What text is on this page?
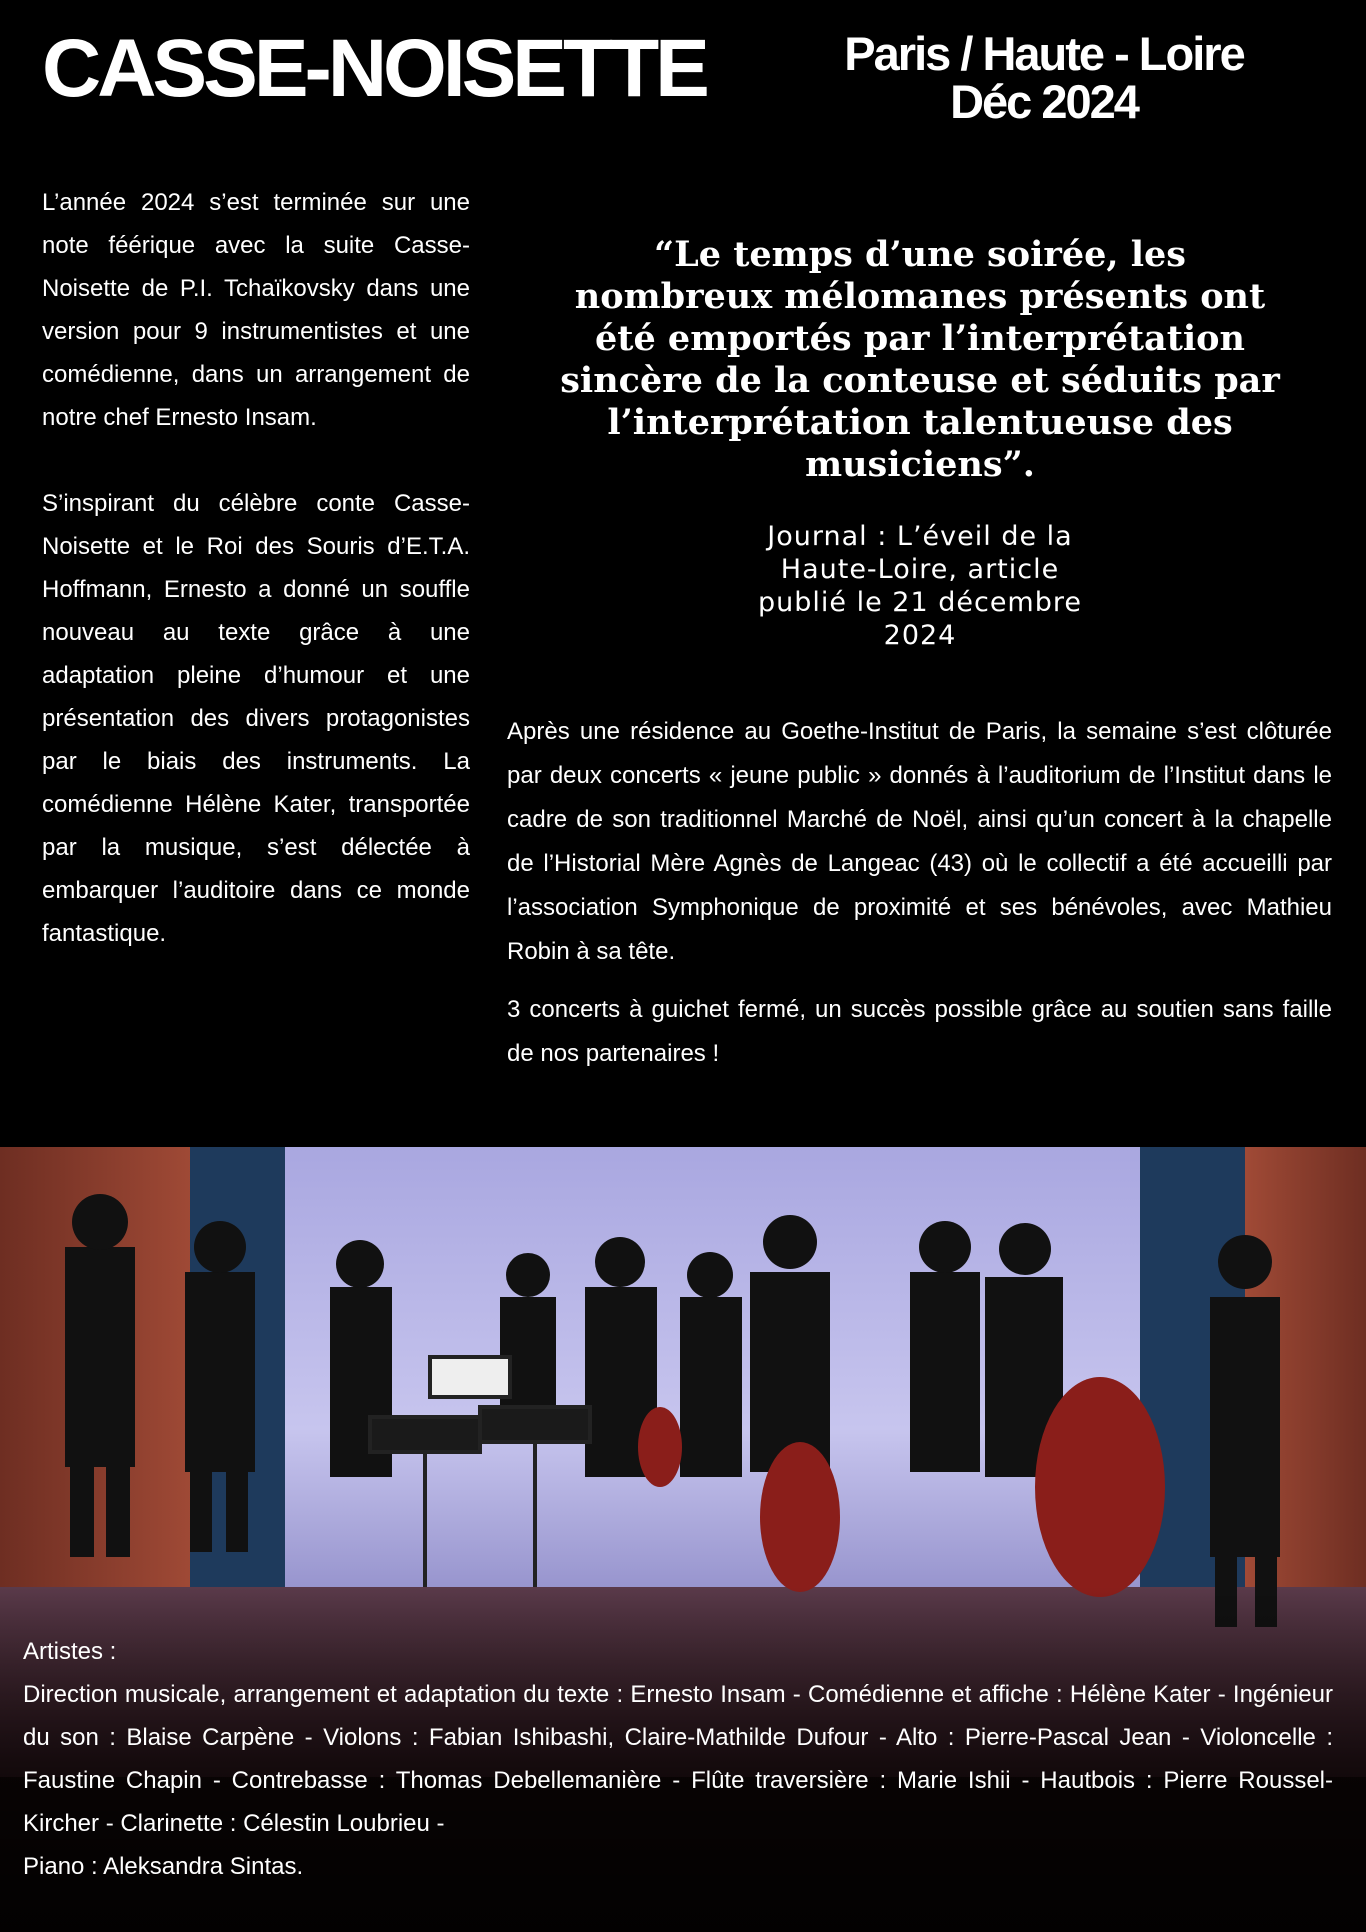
CASSE-NOISETTE	Paris / Haute - Loire
Déc 2024

L’année 2024 s’est terminée sur une note féérique avec la suite Casse-Noisette de P.I. Tchaïkovsky dans une version pour 9 instrumentistes et une comédienne, dans un arrangement de notre chef Ernesto Insam.

S’inspirant du célèbre conte Casse-Noisette et le Roi des Souris d’E.T.A. Hoffmann, Ernesto a donné un souffle nouveau au texte grâce à une adaptation pleine d’humour et une présentation des divers protagonistes par le biais des instruments. La comédienne Hélène Kater, transportée par la musique, s’est délectée à embarquer l’auditoire dans ce monde fantastique.

“Le temps d’une soirée, les nombreux mélomanes présents ont été emportés par l’interprétation sincère de la conteuse et séduits par l’interprétation talentueuse des musiciens”.
Journal : L’éveil de la Haute-Loire, article publié le 21 décembre 2024

Après une résidence au Goethe-Institut de Paris, la semaine s’est clôturée par deux concerts « jeune public » donnés à l’auditorium de l’Institut dans le cadre de son traditionnel Marché de Noël, ainsi qu’un concert à la chapelle de l’Historial Mère Agnès de Langeac (43) où le collectif a été accueilli par l’association Symphonique de proximité et ses bénévoles, avec Mathieu Robin à sa tête.

3 concerts à guichet fermé, un succès possible grâce au soutien sans faille de nos partenaires !

Artistes :

Direction musicale, arrangement et adaptation du texte : Ernesto Insam - Comédienne et affiche : Hélène Kater - Ingénieur du son : Blaise Carpène - Violons : Fabian Ishibashi, Claire-Mathilde Dufour - Alto : Pierre-Pascal Jean - Violoncelle : Faustine Chapin - Contrebasse : Thomas Debellemanière - Flûte traversière : Marie Ishii - Hautbois : Pierre Roussel-Kircher - Clarinette : Célestin Loubrieu -

Piano : Aleksandra Sintas.
